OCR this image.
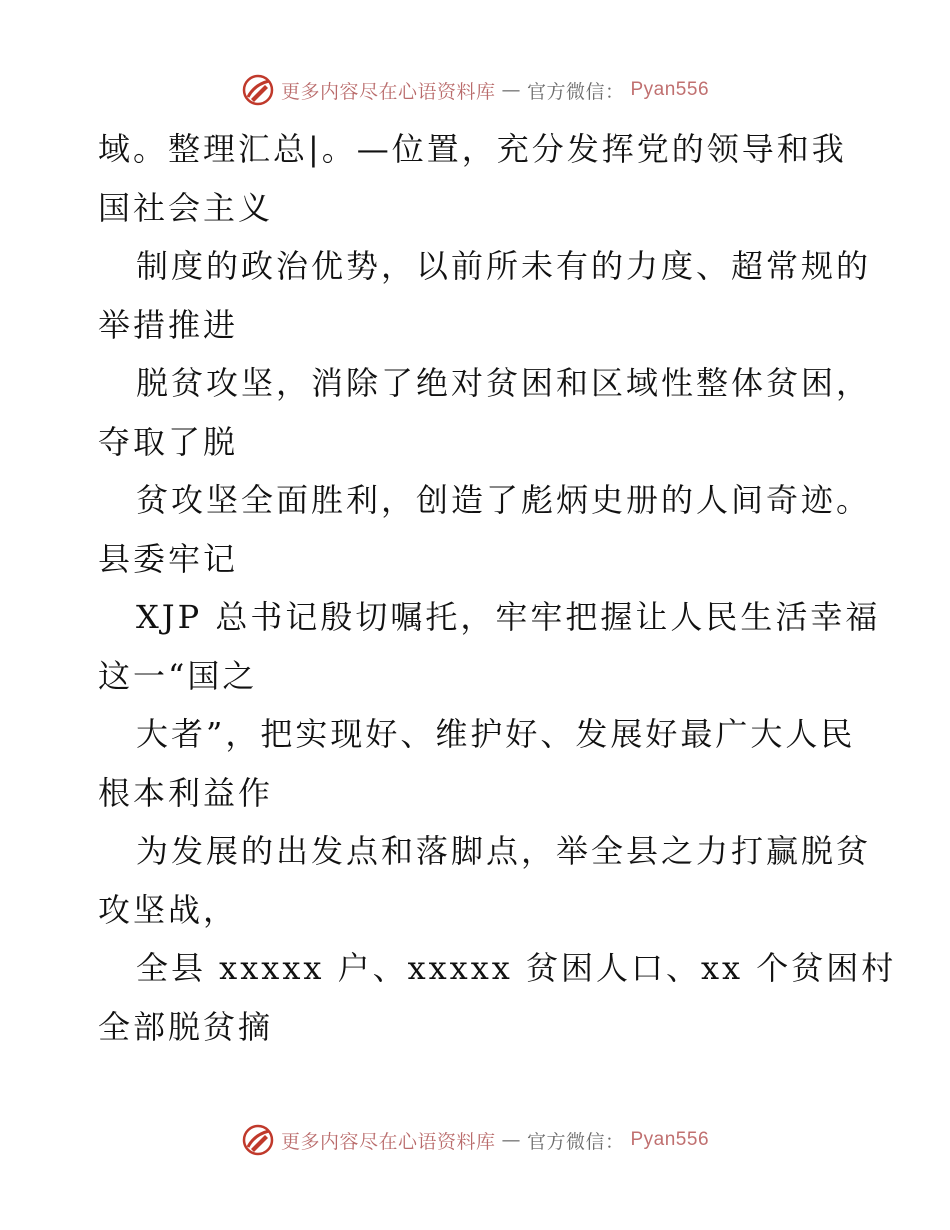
更多内容尽在心语资料库 — 官方微信： Pyan556
域。整理汇总|。—位置，充分发挥党的领导和我
国社会主义
制度的政治优势，以前所未有的力度、超常规的
举措推进
脱贫攻坚，消除了绝对贫困和区域性整体贫困，
夺取了脱
贫攻坚全面胜利，创造了彪炳史册的人间奇迹。
县委牢记
XJP 总书记殷切嘱托，牢牢把握让人民生活幸福
这一“国之
大者”，把实现好、维护好、发展好最广大人民
根本利益作
为发展的出发点和落脚点，举全县之力打赢脱贫
攻坚战，
全县 xxxxx 户、xxxxx 贫困人口、xx 个贫困村
全部脱贫摘
更多内容尽在心语资料库 — 官方微信： Pyan556
